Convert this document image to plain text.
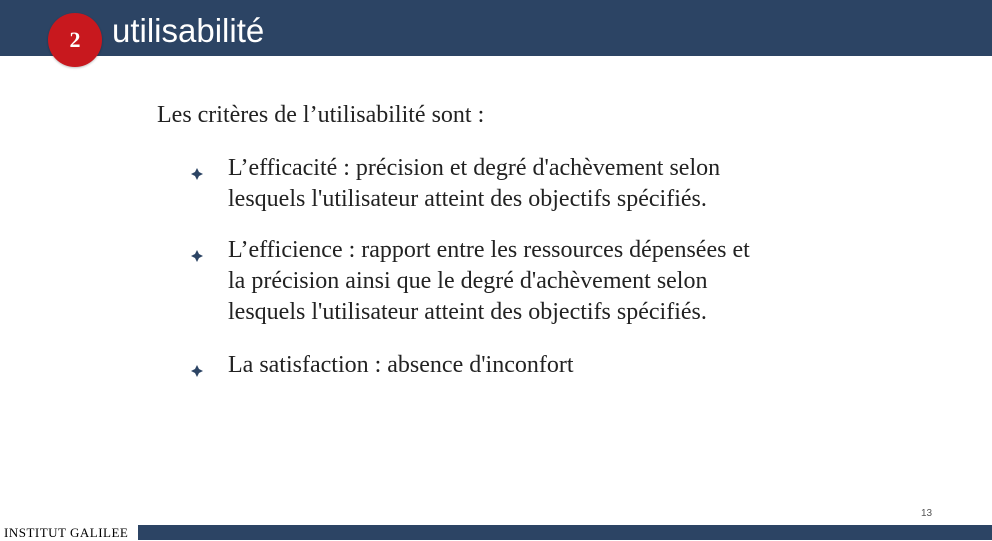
utilisabilité
2
Les critères de l’utilisabilité sont :
L’efficacité : précision et degré d'achèvement selon
lesquels l'utilisateur atteint des objectifs spécifiés.
L’efficience : rapport entre les ressources dépensées et
la précision ainsi que le degré d'achèvement selon
lesquels l'utilisateur atteint des objectifs spécifiés.
La satisfaction : absence d'inconfort
13
INSTITUT GALILEE
